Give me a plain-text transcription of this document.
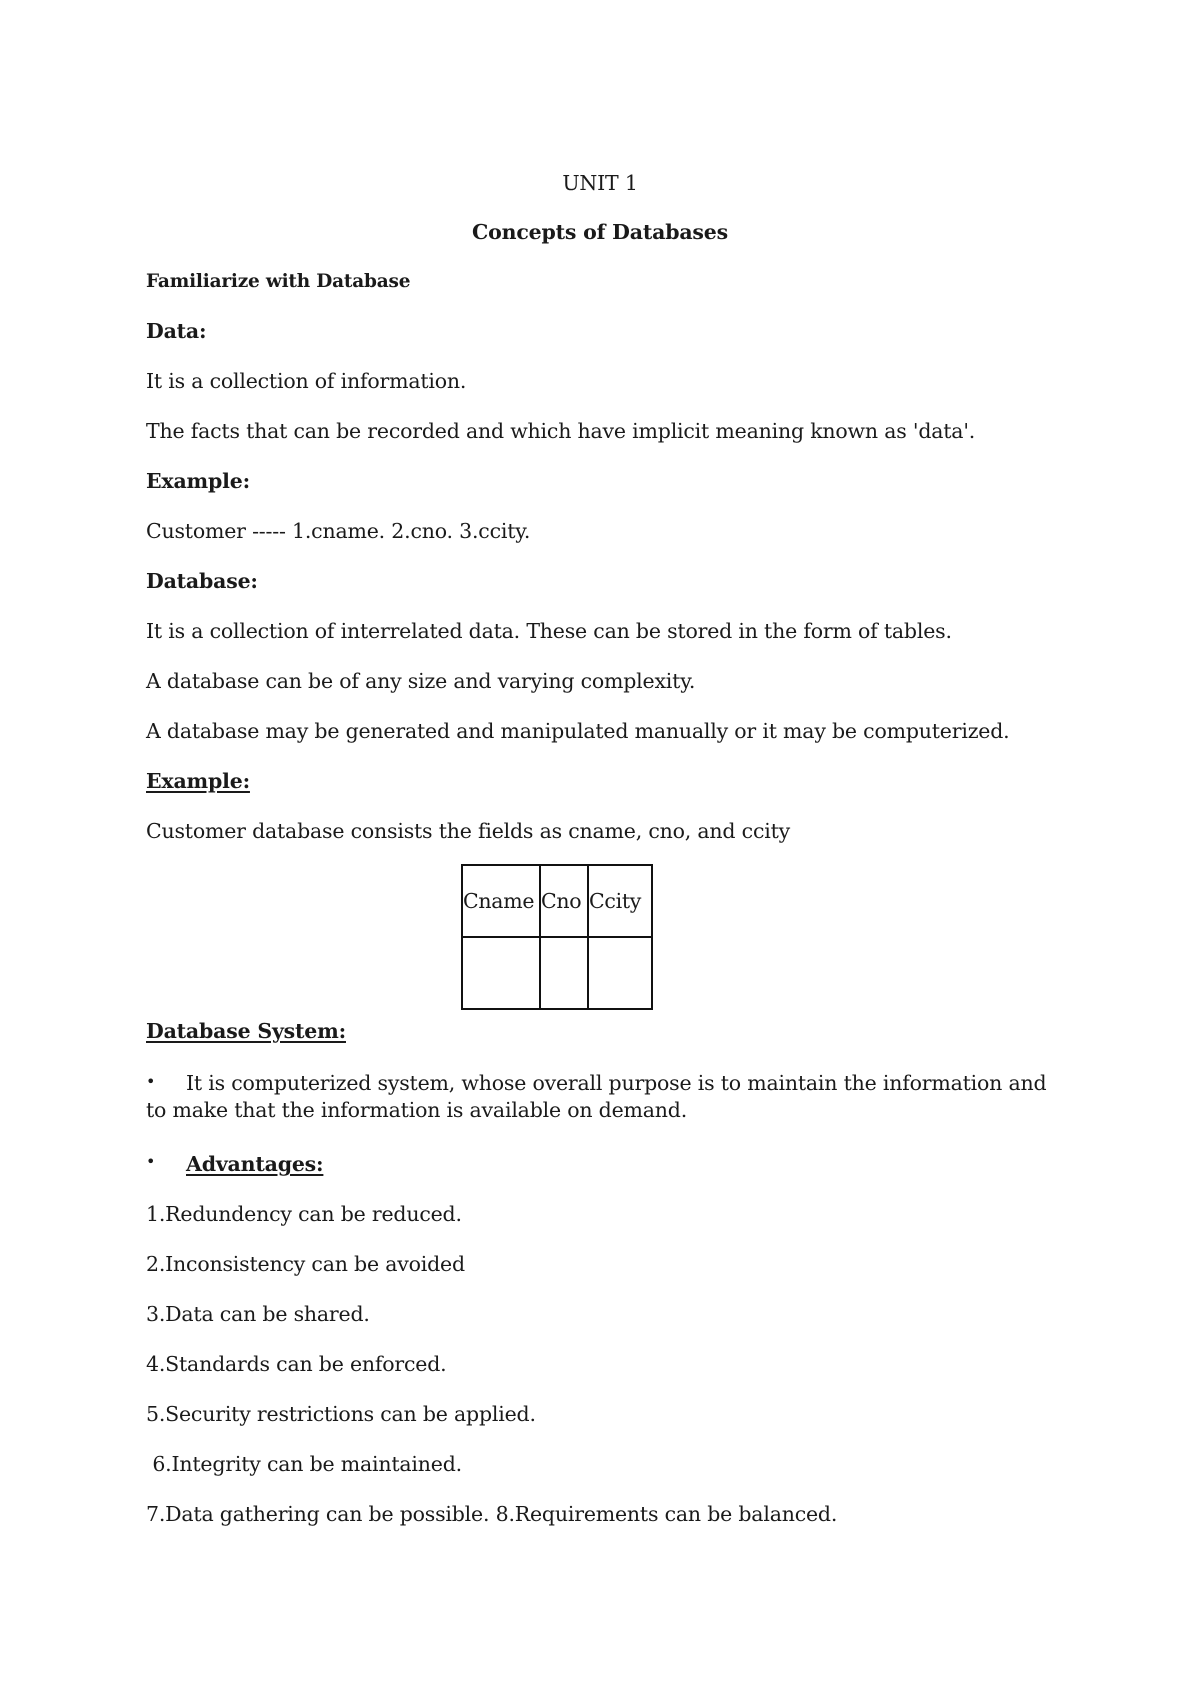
UNIT 1
Concepts of Databases
Familiarize with Database
Data:
It is a collection of information.
The facts that can be recorded and which have implicit meaning known as 'data'.
Example:
Customer ----- 1.cname. 2.cno. 3.ccity.
Database:
It is a collection of interrelated data. These can be stored in the form of tables.
A database can be of any size and varying complexity.
A database may be generated and manipulated manually or it may be computerized.
Example:
Customer database consists the fields as cname, cno, and ccity
Cname	Cno	Ccity

Database System:
• It is computerized system, whose overall purpose is to maintain the information and
to make that the information is available on demand.
• Advantages:
1.Redundency can be reduced.
2.Inconsistency can be avoided
3.Data can be shared.
4.Standards can be enforced.
5.Security restrictions can be applied.
6.Integrity can be maintained.
7.Data gathering can be possible. 8.Requirements can be balanced.
